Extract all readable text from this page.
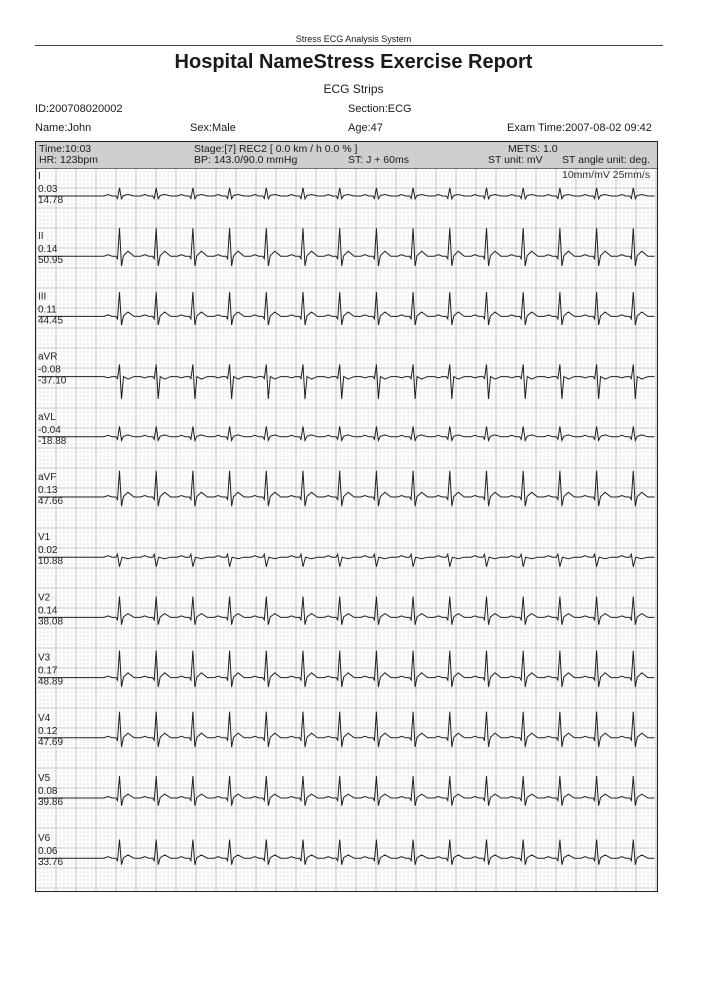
Stress ECG Analysis System
Hospital NameStress Exercise Report
ECG Strips
ID:200708020002	Section:ECG
Name:John	Sex:Male	Age:47	Exam Time:2007-08-02 09:42
Time:10:03
HR: 123bpm
Stage:[7] REC2 [ 0.0 km / h 0.0 % ]
BP: 143.0/90.0 mmHg	ST: J + 60ms
METS: 1.0
ST unit: mV ST angle unit: deg.
10mm/mV 25mm/s
I
0.03
14.78
II
0.14
50.95
III
0.11
44.45
aVR
-0.08
-37.10
aVL
-0.04
-18.88
aVF
0.13
47.66
V1
0.02
10.88
V2
0.14
38.08
V3
0.17
48.89
V4
0.12
47.69
V5
0.08
39.86
V6
0.06
33.76
